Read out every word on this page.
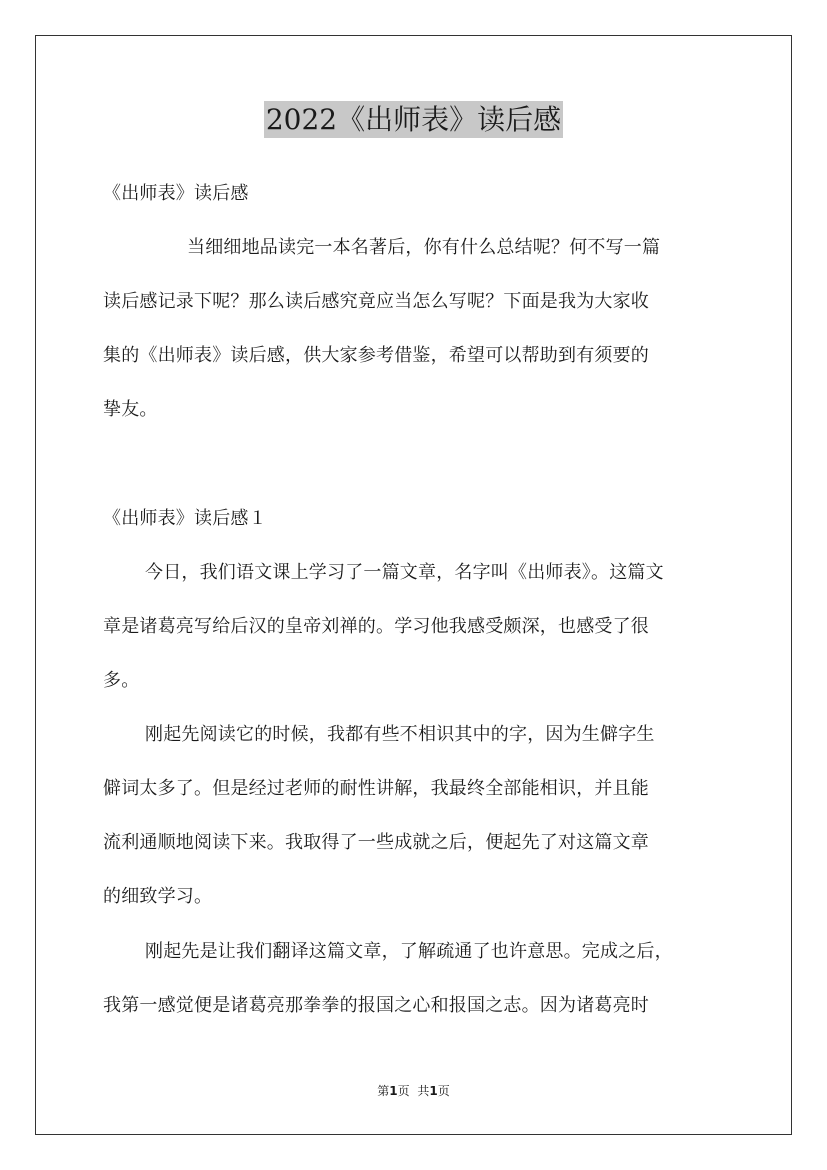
2022《出师表》读后感
《出师表》读后感
当细细地品读完一本名著后，你有什么总结呢？何不写一篇
读后感记录下呢？那么读后感究竟应当怎么写呢？下面是我为大家收
集的《出师表》读后感，供大家参考借鉴，希望可以帮助到有须要的
挚友。
《出师表》读后感１
今日，我们语文课上学习了一篇文章，名字叫《出师表》。这篇文
章是诸葛亮写给后汉的皇帝刘禅的。学习他我感受颇深，也感受了很
多。
刚起先阅读它的时候，我都有些不相识其中的字，因为生僻字生
僻词太多了。但是经过老师的耐性讲解，我最终全部能相识，并且能
流利通顺地阅读下来。我取得了一些成就之后，便起先了对这篇文章
的细致学习。
刚起先是让我们翻译这篇文章，了解疏通了也许意思。完成之后，
我第一感觉便是诸葛亮那拳拳的报国之心和报国之志。因为诸葛亮时
第1页 共1页
